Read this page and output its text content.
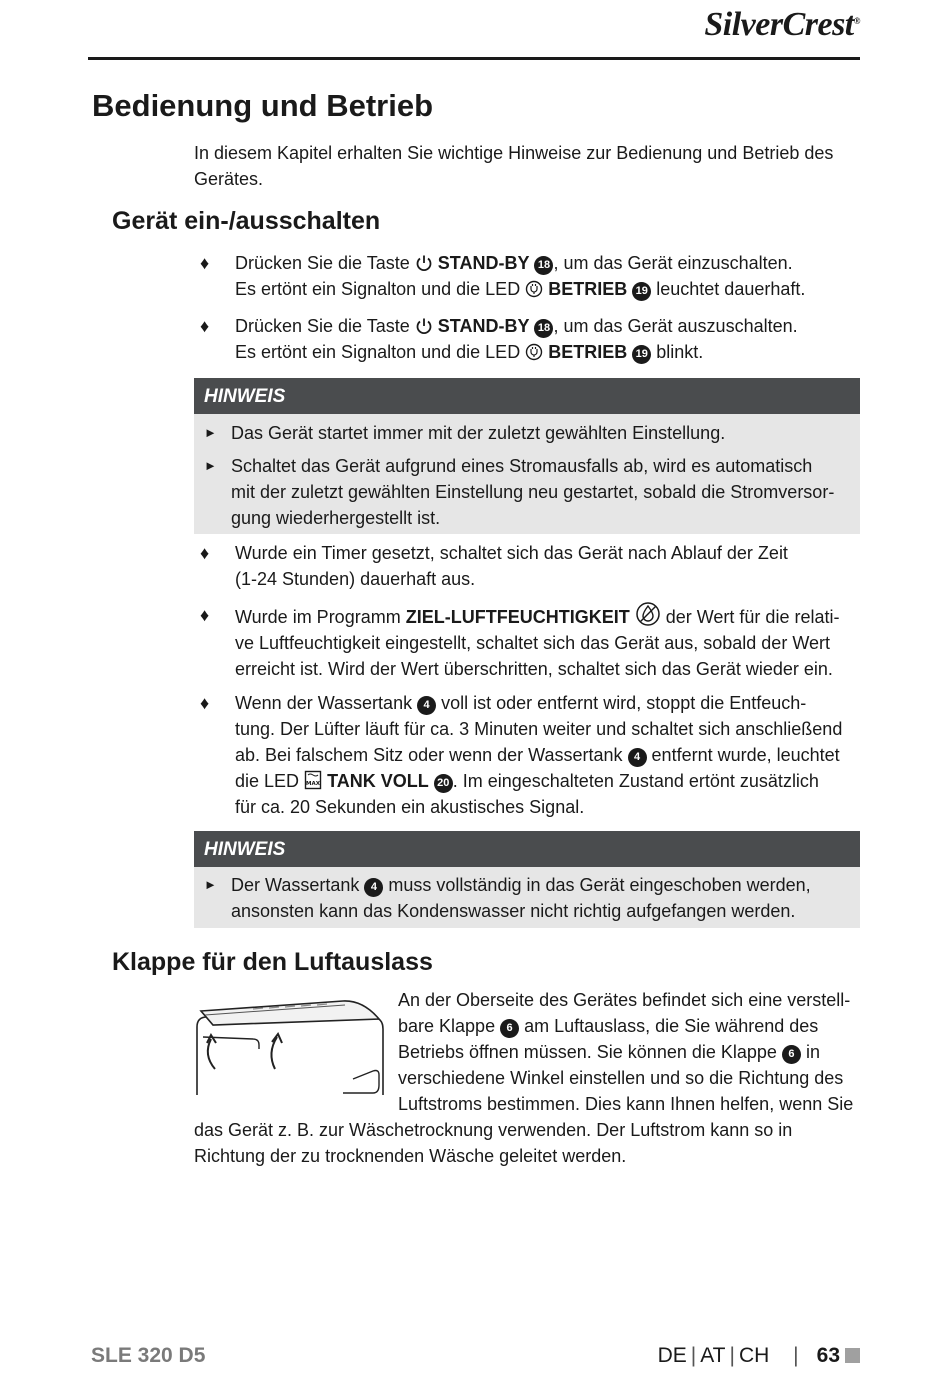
SilverCrest®
Bedienung und Betrieb
In diesem Kapitel erhalten Sie wichtige Hinweise zur Bedienung und Betrieb des
Gerätes.
Gerät ein-/ausschalten
♦	Drücken Sie die Taste STAND-BY 18 , um das Gerät einzuschalten.
Es ertönt ein Signalton und die LED BETRIEB 19 leuchtet dauerhaft.
♦	Drücken Sie die Taste STAND-BY 18 , um das Gerät auszuschalten.
Es ertönt ein Signalton und die LED BETRIEB 19 blinkt.
HINWEIS
► Das Gerät startet immer mit der zuletzt gewählten Einstellung.
► Schaltet das Gerät aufgrund eines Stromausfalls ab, wird es automatisch
mit der zuletzt gewählten Einstellung neu gestartet, sobald die Stromversor-
gung wiederhergestellt ist.
♦	Wurde ein Timer gesetzt, schaltet sich das Gerät nach Ablauf der Zeit
(1-24 Stunden) dauerhaft aus.
♦	Wurde im Programm ZIEL-LUFTFEUCHTIGKEIT der Wert für die relati-
ve Luftfeuchtigkeit eingestellt, schaltet sich das Gerät aus, sobald der Wert
erreicht ist. Wird der Wert überschritten, schaltet sich das Gerät wieder ein.
♦	Wenn der Wassertank 4 voll ist oder entfernt wird, stoppt die Entfeuch-
tung. Der Lüfter läuft für ca. 3 Minuten weiter und schaltet sich anschließend
ab. Bei falschem Sitz oder wenn der Wassertank 4 entfernt wurde, leuchtet
die LED MAX TANK VOLL 20 . Im eingeschalteten Zustand ertönt zusätzlich
für ca. 20 Sekunden ein akustisches Signal.
HINWEIS
► Der Wassertank 4 muss vollständig in das Gerät eingeschoben werden,
ansonsten kann das Kondenswasser nicht richtig aufgefangen werden.
Klappe für den Luftauslass
An der Oberseite des Gerätes befindet sich eine verstell-
bare Klappe 6 am Luftauslass, die Sie während des
Betriebs öffnen müssen. Sie können die Klappe 6 in
verschiedene Winkel einstellen und so die Richtung des
Luftstroms bestimmen. Dies kann Ihnen helfen, wenn Sie
das Gerät z. B. zur Wäschetrocknung verwenden. Der Luftstrom kann so in
Richtung der zu trocknenden Wäsche geleitet werden.
SLE 320 D5	DE | AT | CH | 63
